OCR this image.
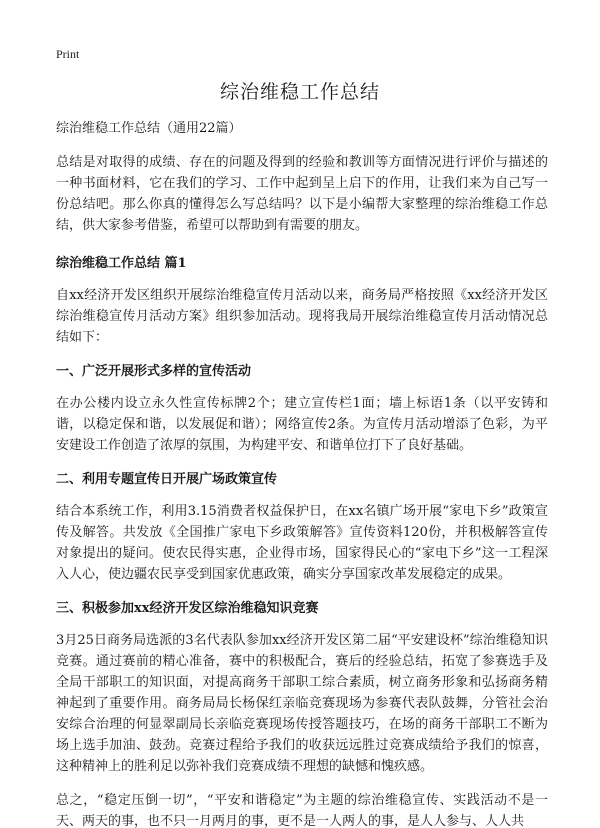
Print
综治维稳工作总结

综治维稳工作总结（通用22篇）

总结是对取得的成绩、存在的问题及得到的经验和教训等方面情况进行评价与描述的一种书面材料，它在我们的学习、工作中起到呈上启下的作用，让我们来为自己写一份总结吧。那么你真的懂得怎么写总结吗？以下是小编帮大家整理的综治维稳工作总结，供大家参考借鉴，希望可以帮助到有需要的朋友。

综治维稳工作总结 篇1

自xx经济开发区组织开展综治维稳宣传月活动以来，商务局严格按照《xx经济开发区综治维稳宣传月活动方案》组织参加活动。现将我局开展综治维稳宣传月活动情况总结如下：

一、广泛开展形式多样的宣传活动

在办公楼内设立永久性宣传标牌2个；建立宣传栏1面；墙上标语1条（以平安铸和谐，以稳定保和谐，以发展促和谐）；网络宣传2条。为宣传月活动增添了色彩，为平安建设工作创造了浓厚的氛围，为构建平安、和谐单位打下了良好基础。

二、利用专题宣传日开展广场政策宣传

结合本系统工作，利用3.15消费者权益保护日，在xx名镇广场开展“家电下乡”政策宣传及解答。共发放《全国推广家电下乡政策解答》宣传资料120份，并积极解答宣传对象提出的疑问。使农民得实惠，企业得市场，国家得民心的“家电下乡”这一工程深入人心，使边疆农民享受到国家优惠政策，确实分享国家改革发展稳定的成果。

三、积极参加xx经济开发区综治维稳知识竞赛

3月25日商务局选派的3名代表队参加xx经济开发区第二届“平安建设杯”综治维稳知识竞赛。通过赛前的精心准备，赛中的积极配合，赛后的经验总结，拓宽了参赛选手及全局干部职工的知识面，对提高商务干部职工综合素质，树立商务形象和弘扬商务精神起到了重要作用。商务局局长杨保红亲临竞赛现场为参赛代表队鼓舞，分管社会治安综合治理的何显翠副局长亲临竞赛现场传授答题技巧，在场的商务干部职工不断为场上选手加油、鼓劲。竞赛过程给予我们的收获远远胜过竞赛成绩给予我们的惊喜，这种精神上的胜利足以弥补我们竞赛成绩不理想的缺憾和愧疚感。

总之，“稳定压倒一切”，“平安和谐稳定”为主题的综治维稳宣传、实践活动不是一天、两天的事，也不只一月两月的事，更不是一人两人的事，是人人参与、人人共
